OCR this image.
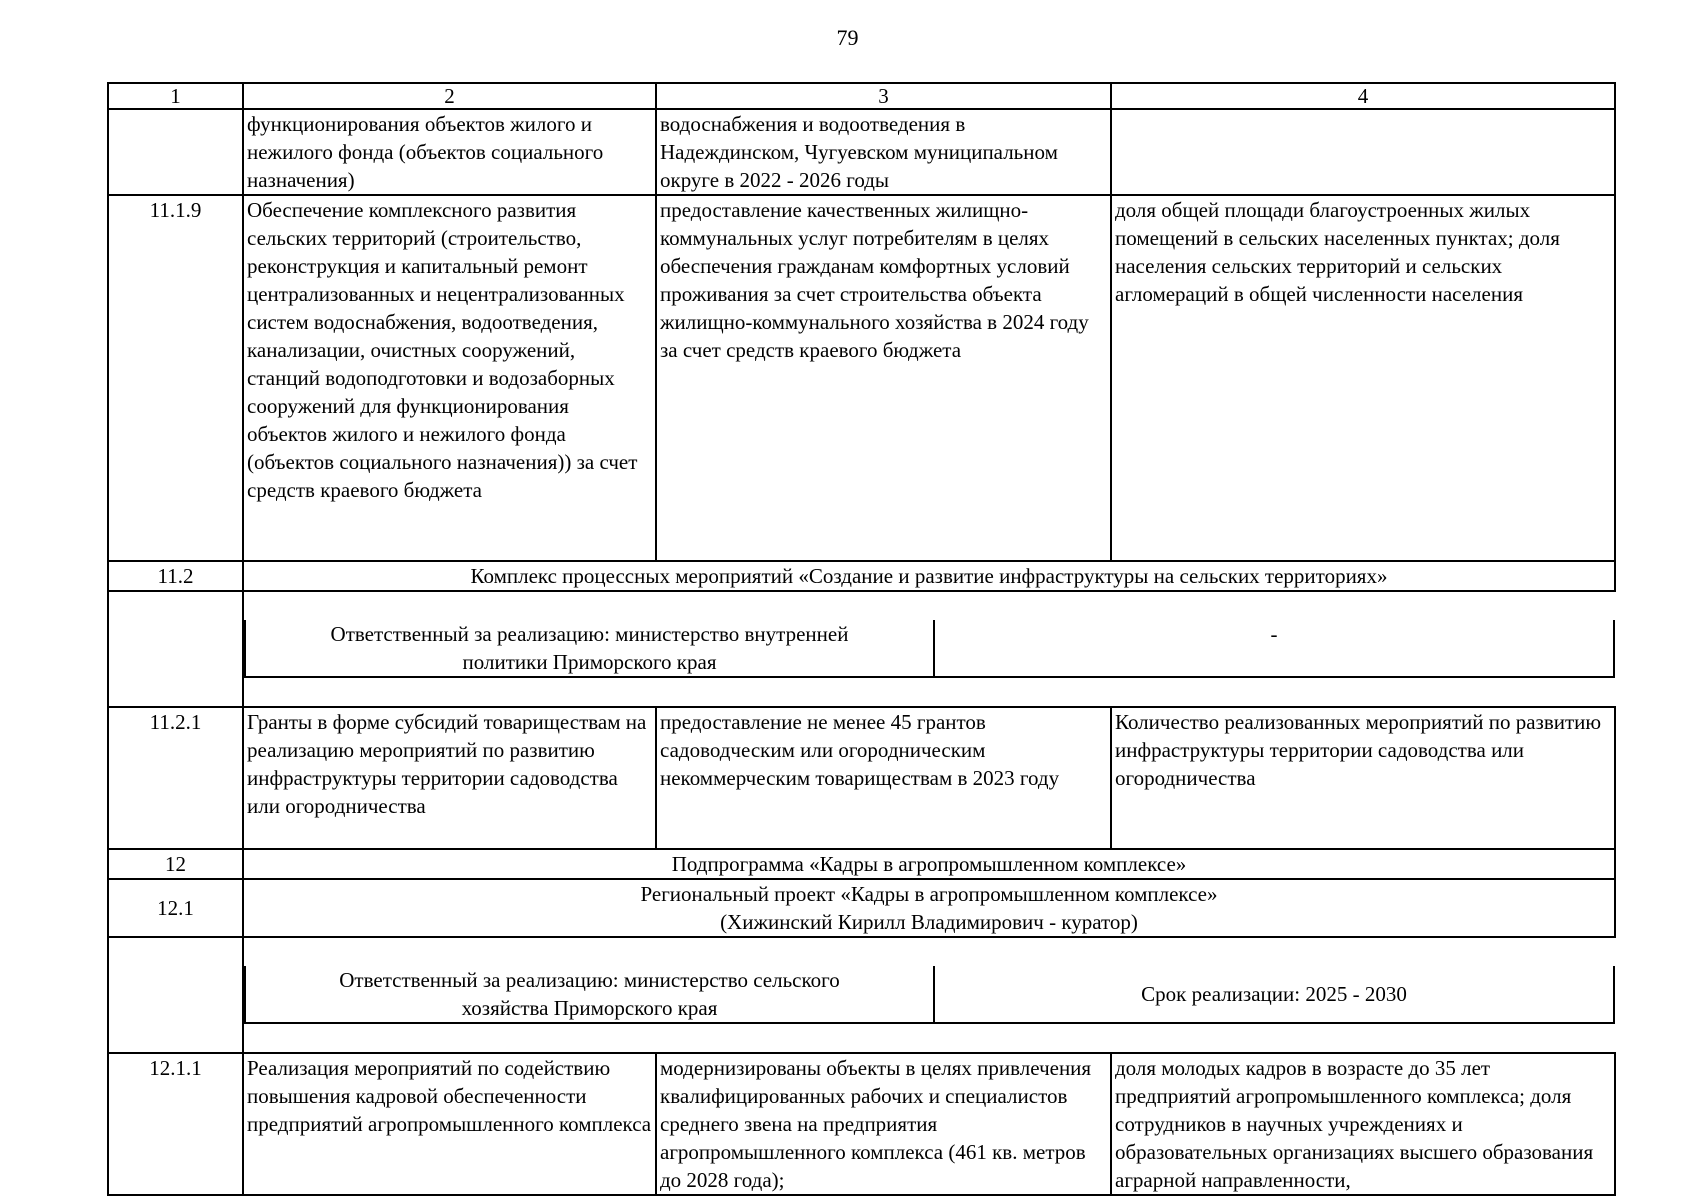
79
1	2	3	4
	функционирования объектов жилого и нежилого фонда (объектов социального назначения)	водоснабжения и водоотведения в Надеждинском, Чугуевском муниципальном округе в 2022 - 2026 годы	
11.1.9	Обеспечение комплексного развития сельских территорий (строительство, реконструкция и капитальный ремонт централизованных и нецентрализованных систем водоснабжения, водоотведения, канализации, очистных сооружений, станций водоподготовки и водозаборных сооружений для функционирования объектов жилого и нежилого фонда (объектов социального назначения)) за счет средств краевого бюджета	предоставление качественных жилищно-коммунальных услуг потребителям в целях обеспечения гражданам комфортных условий проживания за счет строительства объекта жилищно-коммунального хозяйства в 2024 году за счет средств краевого бюджета	доля общей площади благоустроенных жилых помещений в сельских населенных пунктах; доля населения сельских территорий и сельских агломераций в общей численности населения
11.2	Комплекс процессных мероприятий «Создание и развитие инфраструктуры на сельских территориях»

Ответственный за реализацию: министерство внутренней
политики Приморского края	-

11.2.1	Гранты в форме субсидий товариществам на реализацию мероприятий по развитию инфраструктуры территории садоводства или огородничества	предоставление не менее 45 грантов садоводческим или огородническим некоммерческим товариществам в 2023 году	Количество реализованных мероприятий по развитию инфраструктуры территории садоводства или огородничества
12	Подпрограмма «Кадры в агропромышленном комплексе»
12.1	Региональный проект «Кадры в агропромышленном комплексе»
(Хижинский Кирилл Владимирович - куратор)

Ответственный за реализацию: министерство сельского
хозяйства Приморского края	Срок реализации: 2025 - 2030

12.1.1	Реализация мероприятий по содействию повышения кадровой обеспеченности предприятий агропромышленного комплекса	модернизированы объекты в целях привлечения квалифицированных рабочих и специалистов среднего звена на предприятия агропромышленного комплекса (461 кв. метров до 2028 года);	доля молодых кадров в возрасте до 35 лет предприятий агропромышленного комплекса; доля сотрудников в научных учреждениях и образовательных организациях высшего образования аграрной направленности,
